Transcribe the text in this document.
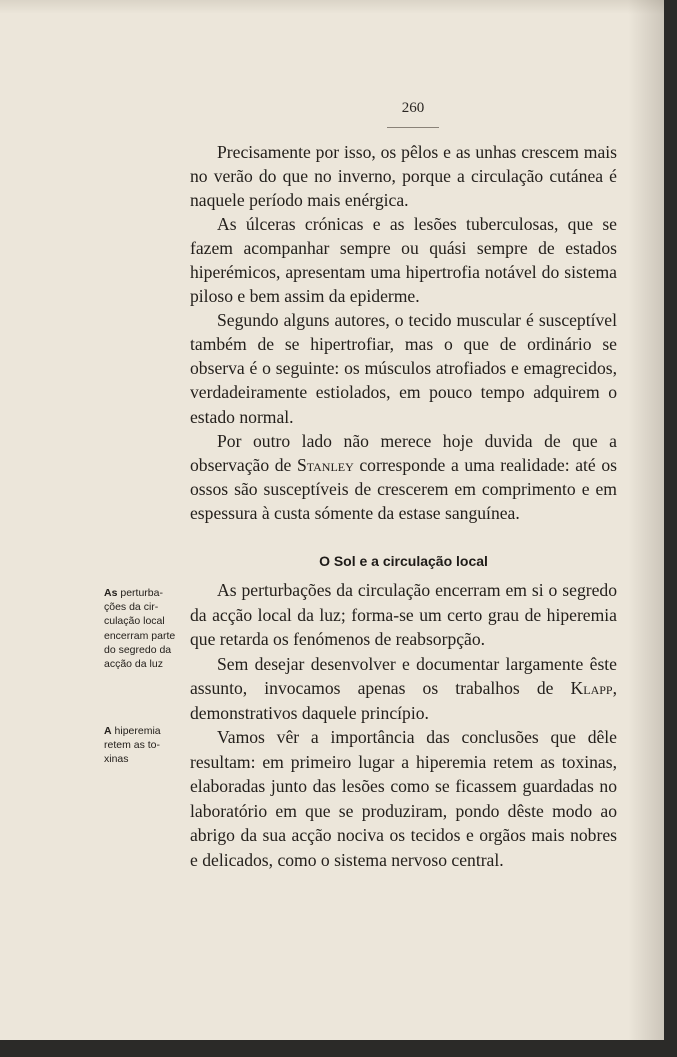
260

Precisamente por isso, os pêlos e as unhas crescem mais no verão do que no inverno, porque a circulação cutánea é naquele período mais enérgica.

As úlceras crónicas e as lesões tuberculosas, que se fazem acompanhar sempre ou quási sempre de estados hiperémicos, apresentam uma hipertrofia notável do sistema piloso e bem assim da epiderme.

Segundo alguns autores, o tecido muscular é susceptível também de se hipertrofiar, mas o que de ordinário se observa é o seguinte: os músculos atrofiados e emagrecidos, verdadeiramente estiolados, em pouco tempo adquirem o estado normal.

Por outro lado não merece hoje duvida de que a observação de Stanley corresponde a uma realidade: até os ossos são susceptíveis de crescerem em comprimento e em espessura à custa sómente da estase sanguínea.

O Sol e a circulação local

As perturbações da circulação encerram em si o segredo da acção local da luz; forma-se um certo grau de hiperemia que retarda os fenómenos de reabsorpção.

Sem desejar desenvolver e documentar largamente êste assunto, invocamos apenas os trabalhos de Klapp, demonstrativos daquele princípio.

Vamos vêr a importância das conclusões que dêle resultam: em primeiro lugar a hiperemia retem as toxinas, elaboradas junto das lesões como se ficassem guardadas no laboratório em que se produziram, pondo dêste modo ao abrigo da sua acção nociva os tecidos e orgãos mais nobres e delicados, como o sistema nervoso central.

As perturbações da circulação local encerram parte do segredo da acção da luz
A hiperemia retem as toxinas
